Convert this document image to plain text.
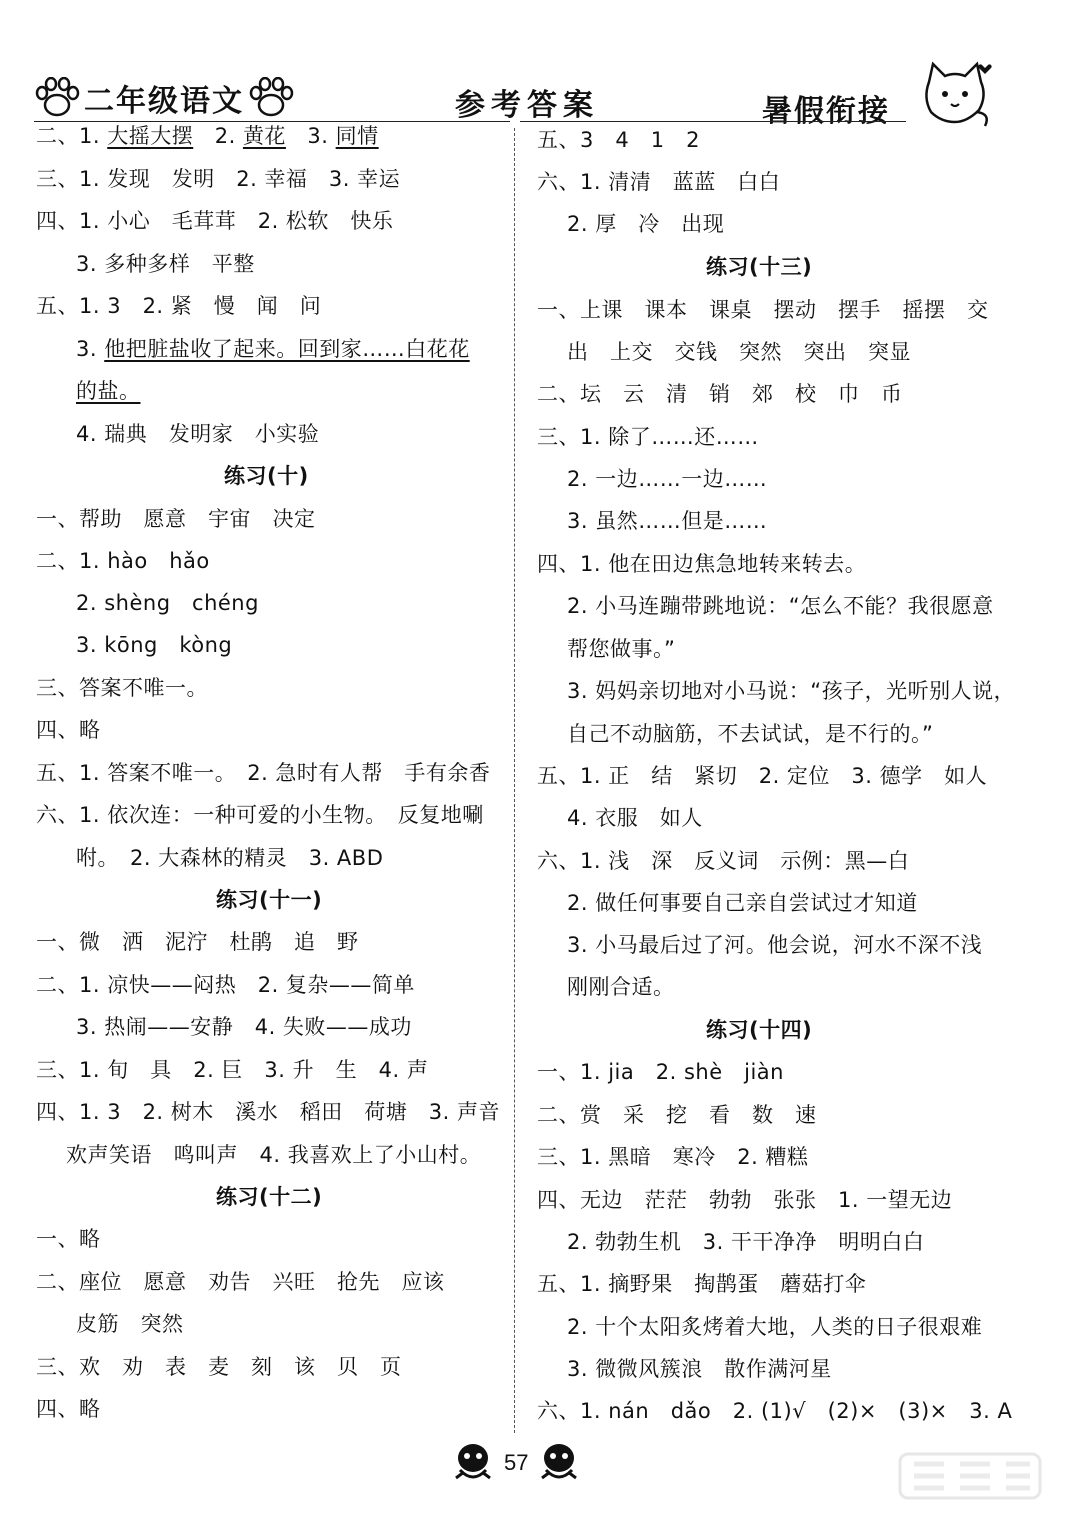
二年级语文	参考答案	暑假衔接
二、1. 大摇大摆　2. 黄花　3. 同情
三、1. 发现　发明　2. 幸福　3. 幸运
四、1. 小心　毛茸茸　2. 松软　快乐
3. 多种多样　平整
五、1. 3　2. 紧　慢　闻　问
3. 他把脏盐收了起来。回到家……白花花
的盐。
4. 瑞典　发明家　小实验
练习(十)
一、帮助　愿意　宇宙　决定
二、1. hào　hǎo
2. shèng　chéng
3. kōng　kòng
三、答案不唯一。
四、略
五、1. 答案不唯一。　2. 急时有人帮　手有余香
六、1. 依次连：一种可爱的小生物。　反复地唰
咐。　2. 大森林的精灵　3. ABD
练习(十一)
一、微　洒　泥泞　杜鹃　追　野
二、1. 凉快——闷热　2. 复杂——简单
3. 热闹——安静　4. 失败——成功
三、1. 旬　具　2. 巨　3. 升　生　4. 声
四、1. 3　2. 树木　溪水　稻田　荷塘　3. 声音
欢声笑语　鸣叫声　4. 我喜欢上了小山村。
练习(十二)
一、略
二、座位　愿意　劝告　兴旺　抢先　应该
皮筋　突然
三、欢　劝　表　麦　刻　该　贝　页
四、略
五、3　4　1　2
六、1. 清清　蓝蓝　白白
2. 厚　冷　出现
练习(十三)
一、上课　课本　课桌　摆动　摆手　摇摆　交
出　上交　交钱　突然　突出　突显
二、坛　云　清　销　郊　校　巾　币
三、1. 除了……还……
2. 一边……一边……
3. 虽然……但是……
四、1. 他在田边焦急地转来转去。
2. 小马连蹦带跳地说：“怎么不能？我很愿意
帮您做事。”
3. 妈妈亲切地对小马说：“孩子，光听别人说，
自己不动脑筋，不去试试，是不行的。”
五、1. 正　结　紧切　2. 定位　3. 德学　如人
4. 衣服　如人
六、1. 浅　深　反义词　示例：黑—白
2. 做任何事要自己亲自尝试过才知道
3. 小马最后过了河。他会说，河水不深不浅
刚刚合适。
练习(十四)
一、1. jia　2. shè　jiàn
二、赏　采　挖　看　数　速
三、1. 黑暗　寒冷　2. 糟糕
四、无边　茫茫　勃勃　张张　1. 一望无边
2. 勃勃生机　3. 干干净净　明明白白
五、1. 摘野果　掏鹊蛋　蘑菇打伞
2. 十个太阳炙烤着大地，人类的日子很艰难
3. 微微风簇浪　散作满河星
六、1. nán　dǎo　2. (1)√　(2)×　(3)×　3. A
57
